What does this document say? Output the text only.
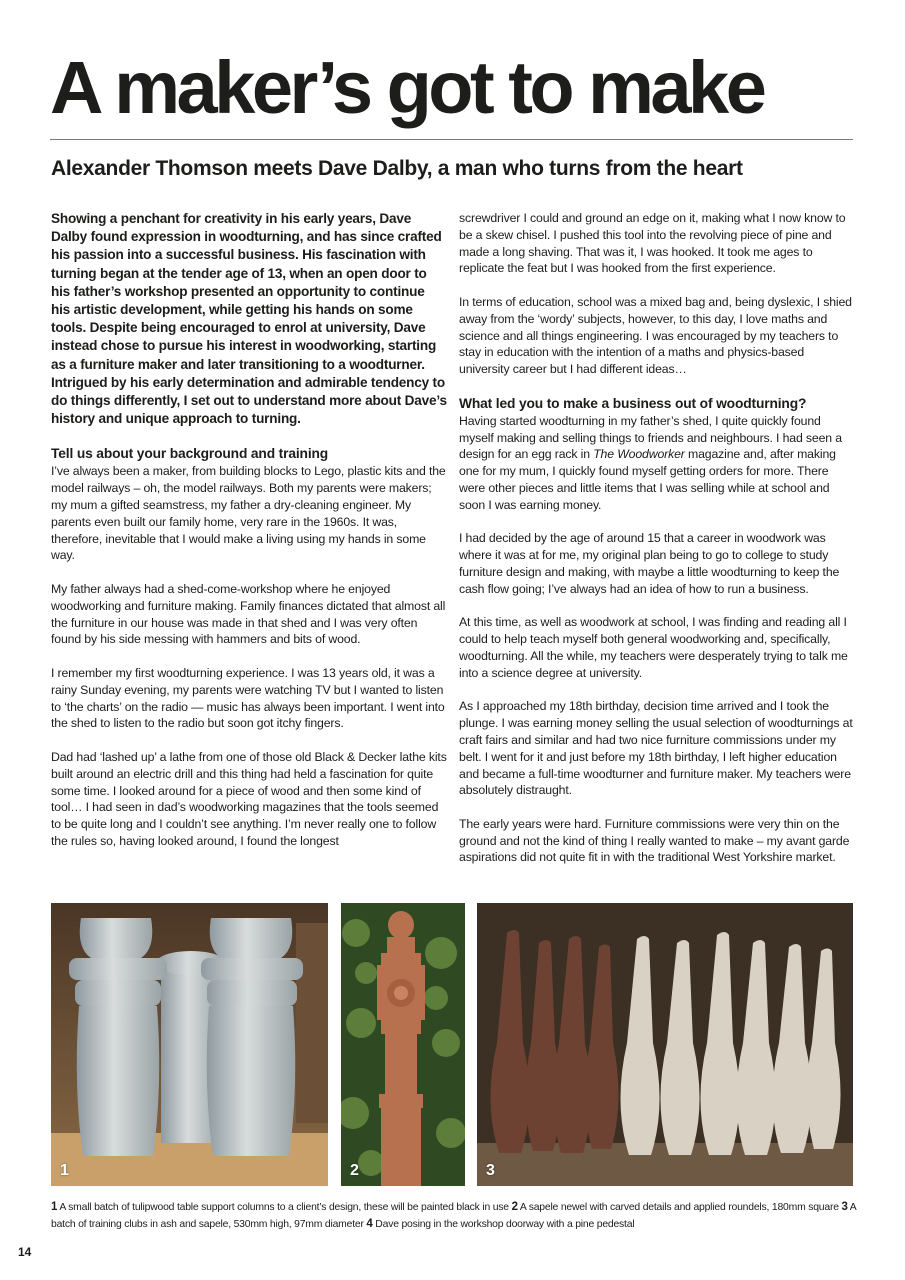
A maker’s got to make
Alexander Thomson meets Dave Dalby, a man who turns from the heart

Showing a penchant for creativity in his early years, Dave Dalby found expression in woodturning, and has since crafted his passion into a successful business. His fascination with turning began at the tender age of 13, when an open door to his father’s workshop presented an opportunity to continue his artistic development, while getting his hands on some tools. Despite being encouraged to enrol at university, Dave instead chose to pursue his interest in woodworking, starting as a furniture maker and later transitioning to a woodturner. Intrigued by his early determination and admirable tendency to do things differently, I set out to understand more about Dave’s history and unique approach to turning.

Tell us about your background and training

I’ve always been a maker, from building blocks to Lego, plastic kits and the model railways – oh, the model railways. Both my parents were makers; my mum a gifted seamstress, my father a dry-cleaning engineer. My parents even built our family home, very rare in the 1960s. It was, therefore, inevitable that I would make a living using my hands in some way.

My father always had a shed-come-workshop where he enjoyed woodworking and furniture making. Family finances dictated that almost all the furniture in our house was made in that shed and I was very often found by his side messing with hammers and bits of wood.

I remember my first woodturning experience. I was 13 years old, it was a rainy Sunday evening, my parents were watching TV but I wanted to listen to ‘the charts’ on the radio — music has always been important. I went into the shed to listen to the radio but soon got itchy fingers.

Dad had ‘lashed up’ a lathe from one of those old Black & Decker lathe kits built around an electric drill and this thing had held a fascination for quite some time. I looked around for a piece of wood and then some kind of tool… I had seen in dad’s woodworking magazines that the tools seemed to be quite long and I couldn’t see anything. I’m never really one to follow the rules so, having looked around, I found the longest

screwdriver I could and ground an edge on it, making what I now know to be a skew chisel. I pushed this tool into the revolving piece of pine and made a long shaving. That was it, I was hooked. It took me ages to replicate the feat but I was hooked from the first experience.

In terms of education, school was a mixed bag and, being dyslexic, I shied away from the ‘wordy’ subjects, however, to this day, I love maths and science and all things engineering. I was encouraged by my teachers to stay in education with the intention of a maths and physics-based university career but I had different ideas…

What led you to make a business out of woodturning?

Having started woodturning in my father’s shed, I quite quickly found myself making and selling things to friends and neighbours. I had seen a design for an egg rack in The Woodworker magazine and, after making one for my mum, I quickly found myself getting orders for more. There were other pieces and little items that I was selling while at school and soon I was earning money.

I had decided by the age of around 15 that a career in woodwork was where it was at for me, my original plan being to go to college to study furniture design and making, with maybe a little woodturning to keep the cash flow going; I’ve always had an idea of how to run a business.

At this time, as well as woodwork at school, I was finding and reading all I could to help teach myself both general woodworking and, specifically, woodturning. All the while, my teachers were desperately trying to talk me into a science degree at university.

As I approached my 18th birthday, decision time arrived and I took the plunge. I was earning money selling the usual selection of woodturnings at craft fairs and similar and had two nice furniture commissions under my belt. I went for it and just before my 18th birthday, I left higher education and became a full-time woodturner and furniture maker. My teachers were absolutely distraught.

The early years were hard. Furniture commissions were very thin on the ground and not the kind of thing I really wanted to make – my avant garde aspirations did not quite fit in with the traditional West Yorkshire market.

1	2	3
1 A small batch of tulipwood table support columns to a client’s design, these will be painted black in use 2 A sapele newel with carved details and applied roundels, 180mm square 3 A batch of training clubs in ash and sapele, 530mm high, 97mm diameter 4 Dave posing in the workshop doorway with a pine pedestal
14
